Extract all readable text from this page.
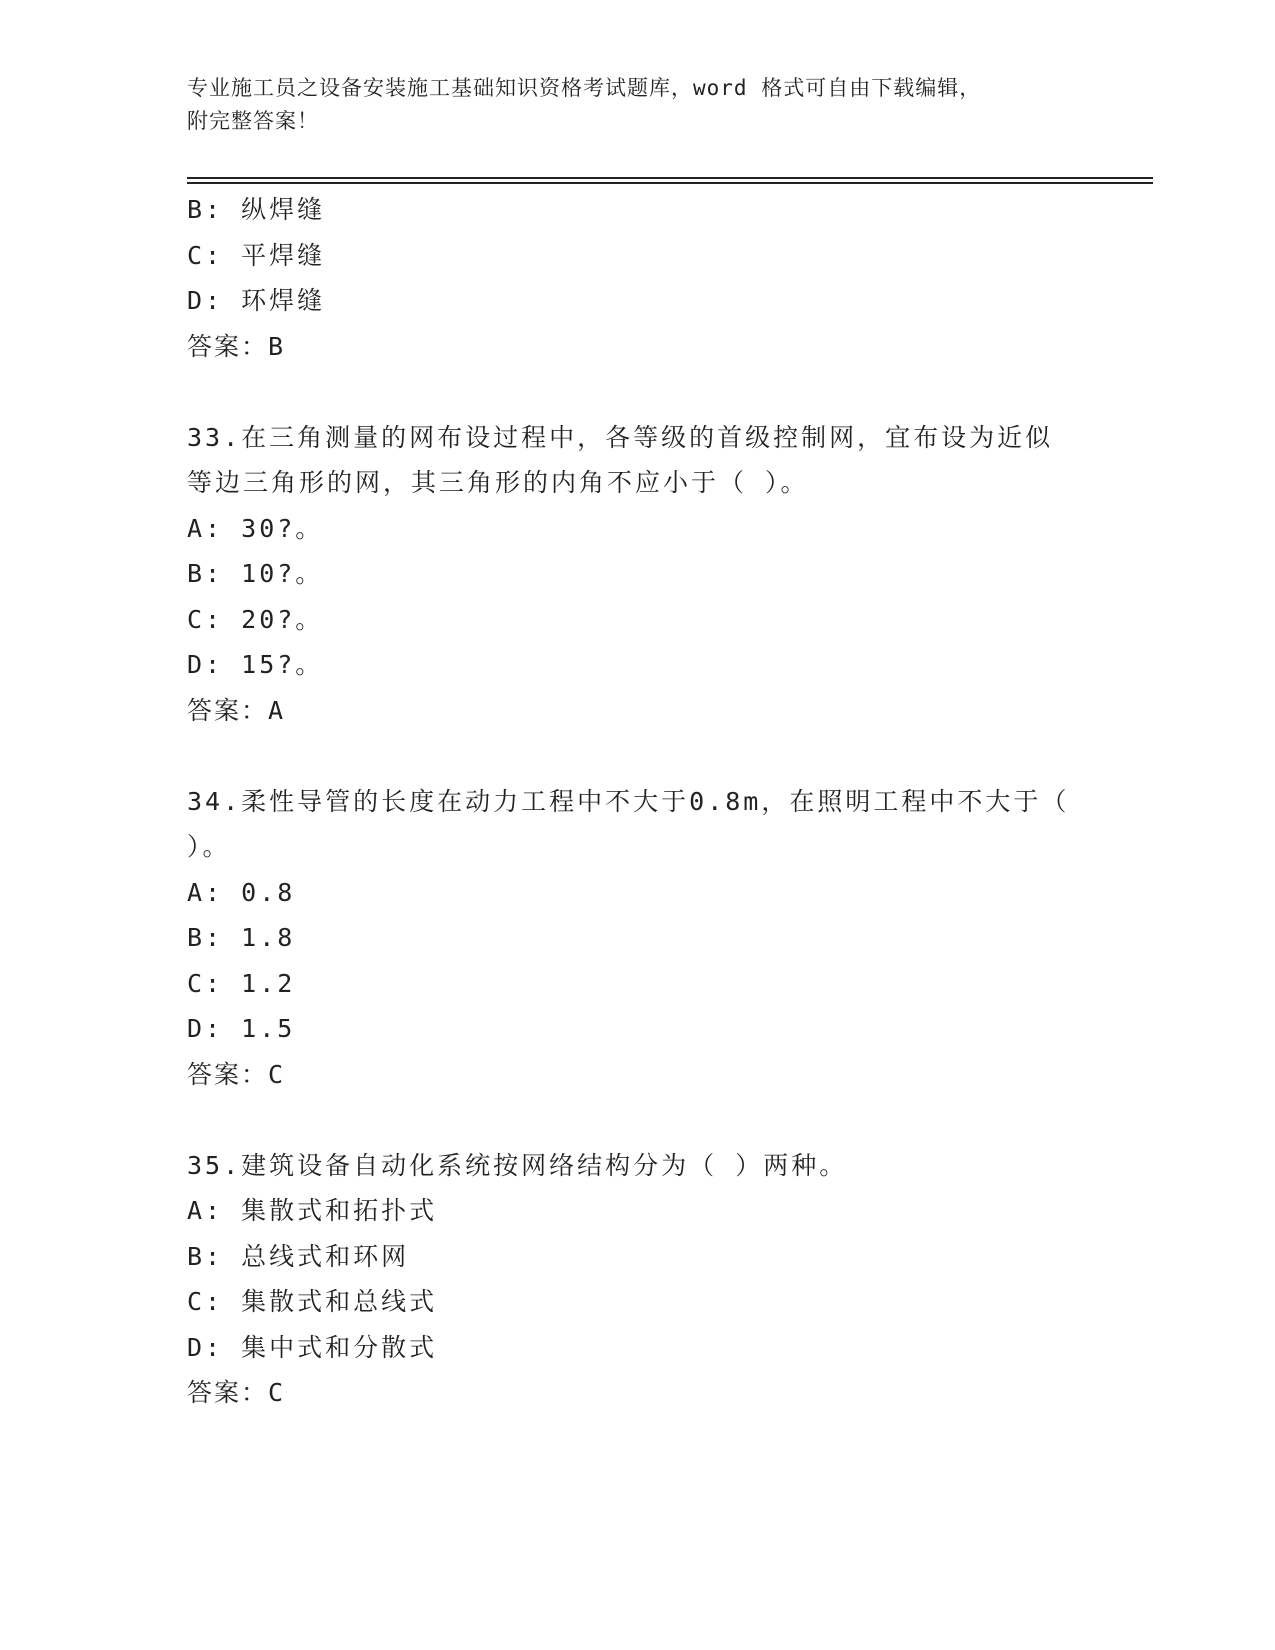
专业施工员之设备安装施工基础知识资格考试题库，word 格式可自由下载编辑，
附完整答案！
B: 纵焊缝
C: 平焊缝
D: 环焊缝
答案：B
33.在三角测量的网布设过程中，各等级的首级控制网，宜布设为近似
等边三角形的网，其三角形的内角不应小于（ ）。
A: 30?。
B: 10?。
C: 20?。
D: 15?。
答案：A
34.柔性导管的长度在动力工程中不大于0.8m，在照明工程中不大于（
）。
A: 0.8
B: 1.8
C: 1.2
D: 1.5
答案：C
35.建筑设备自动化系统按网络结构分为（ ）两种。
A: 集散式和拓扑式
B: 总线式和环网
C: 集散式和总线式
D: 集中式和分散式
答案：C
